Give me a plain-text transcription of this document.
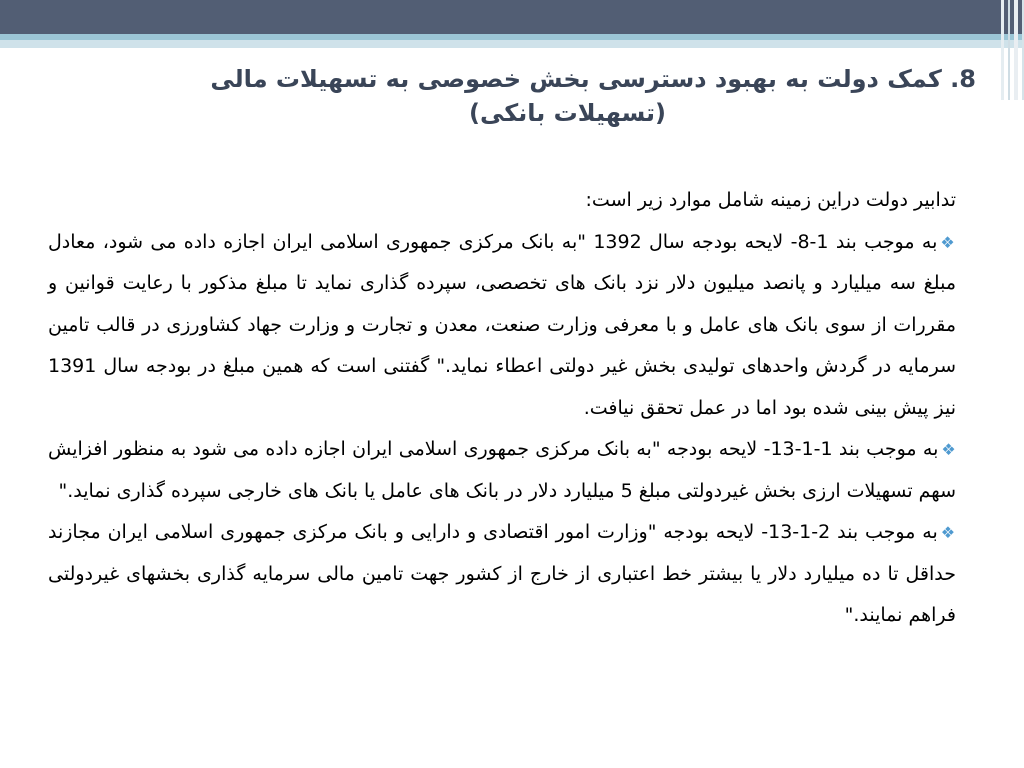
8. کمک دولت به بهبود دسترسی بخش خصوصی به تسهیلات مالی
(تسهیلات بانکی)
تدابیر دولت دراین زمینه شامل موارد زیر است:
❖به موجب بند 1-8- لایحه بودجه سال 1392 "به بانک مرکزی جمهوری اسلامی ایران اجازه داده می شود، معادل مبلغ سه میلیارد و پانصد میلیون دلار نزد بانک های تخصصی، سپرده گذاری نماید تا مبلغ مذکور با رعایت قوانین و مقررات از سوی بانک های عامل و با معرفی وزارت صنعت، معدن و تجارت و وزارت جهاد کشاورزی در قالب تامین سرمایه در گردش واحدهای تولیدی بخش غیر دولتی اعطاء نماید." گفتنی است که همین مبلغ در بودجه سال 1391 نیز پیش بینی شده بود اما در عمل تحقق نیافت.
❖به موجب بند 1-1-13- لایحه بودجه "به بانک مرکزی جمهوری اسلامی ایران اجازه داده می شود به منظور افزایش سهم تسهیلات ارزی بخش غیردولتی مبلغ 5 میلیارد دلار در بانک های عامل یا بانک های خارجی سپرده گذاری نماید."
❖به موجب بند 2-1-13- لایحه بودجه "وزارت امور اقتصادی و دارایی و بانک مرکزی جمهوری اسلامی ایران مجازند حداقل تا ده میلیارد دلار یا بیشتر خط اعتباری از خارج از کشور جهت تامین مالی سرمایه گذاری بخشهای غیردولتی فراهم نمایند."
